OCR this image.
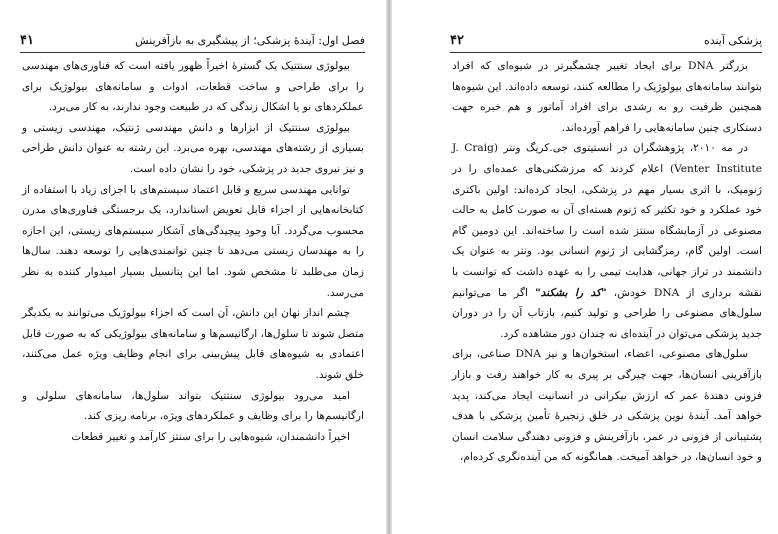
فصل اول: آیندهٔ پزشکی؛ از پیشگیری به بازآفرینش
۴۱

بیولوژی سنتتیک یک گسترهٔ اخیراً ظهور یافته است که فناوری‌های مهندسی را برای طراحی و ساخت قطعات، ادوات و سامانه‌های بیولوژیک برای عملکردهای نو یا اشکال زندگی که در طبیعت وجود ندارند، به کار می‌برد.

بیولوژی سنتتیک از ابزارها و دانش مهندسی ژنتیک، مهندسی زیستی و بسیاری از رشته‌های مهندسی، بهره می‌برد. این رشته به عنوان دانش طراحی و نیز نیروی جدید در پزشکی، خود را نشان داده است.

توانایی مهندسی سریع و قابل اعتماد سیستم‌های با اجزای زیاد با استفاده از کتابخانه‌هایی از اجزاء قابل تعویض استاندارد، یک برجستگی فناوری‌های مدرن محسوب می‌گردد. آیا وجود پیچیدگی‌های آشکار سیستم‌های زیستی، این اجازه را به مهندسان زیستی می‌دهد تا چنین توانمندی‌هایی را توسعه دهند. سال‌ها زمان می‌طلبد تا مشخص شود. اما این پتانسیل بسیار امیدوار کننده به نظر می‌رسد.

چشم انداز نهان این دانش، آن است که اجزاء بیولوژیک می‌توانند به یکدیگر متصل شوند تا سلول‌ها، ارگانیسم‌ها و سامانه‌های بیولوژیکی که به صورت قابل اعتمادی به شیوه‌های قابل پیش‌بینی برای انجام وظایف ویژه عمل می‌کنند، خلق شوند.

امید می‌رود بیولوژی سنتتیک بتواند سلول‌ها، سامانه‌های سلولی و ارگانیسم‌ها را برای وظایف و عملکردهای ویژه، برنامه ریزی کند.

اخیراً دانشمندان، شیوه‌هایی را برای سنتز کارآمد و تغییر قطعات

پزشکی آینده
۴۲

بزرگتر DNA برای ایجاد تغییر چشمگیرتر در شیوه‌ای که افراد بتوانند سامانه‌های بیولوژیک را مطالعه کنند، توسعه داده‌اند. این شیوه‌ها همچنین ظرفیت رو به رشدی برای افراد آماتور و هم خبره جهت دستکاری چنین سامانه‌هایی را فراهم آورده‌اند.

در مه ۲۰۱۰، پژوهشگران در انستیتوی جی.کریگ ونتر (J. Craig Venter Institute) اعلام کردند که مرزشکنی‌های عمده‌ای را در ژنومیک، با اثری بسیار مهم در پزشکی، ایجاد کرده‌اند: اولین باکتری خود عملکرد و خود تکثیر که ژنوم هسته‌ای آن به صورت کامل به حالت مصنوعی در آزمایشگاه سنتز شده است را ساخته‌اند. این دومین گام است. اولین گام، رمزگشایی از ژنوم انسانی بود. ونتر به عنوان یک دانشمند در تراز جهانی، هدایت تیمی را به عهده داشت که توانست با نقشه برداری از DNA خودش، "کد را بشکند" اگر ما می‌توانیم سلول‌های مصنوعی را طراحی و تولید کنیم، بازتاب آن را در دوران جدید پزشکی می‌توان در آینده‌ای نه چندان دور مشاهده کرد.

سلول‌های مصنوعی، اعضاء، استخوان‌ها و نیز DNA صناعی، برای بازآفرینی انسان‌ها، جهت چیرگی بر پیری به کار خواهند رفت و بازار فزونی دهندهٔ عمر که ارزش بیکرانی در انسانیت ایجاد می‌کند، پدید خواهد آمد. آیندهٔ نوین پزشکی در خلق زنجیرهٔ تأمین پزشکی با هدف پشتیبانی از فزونی در عمر، بازآفرینش و فزونی دهندگی سلامت انسان و خود انسان‌ها، در خواهد آمیخت. همانگونه که من آینده‌نگری کرده‌ام،
